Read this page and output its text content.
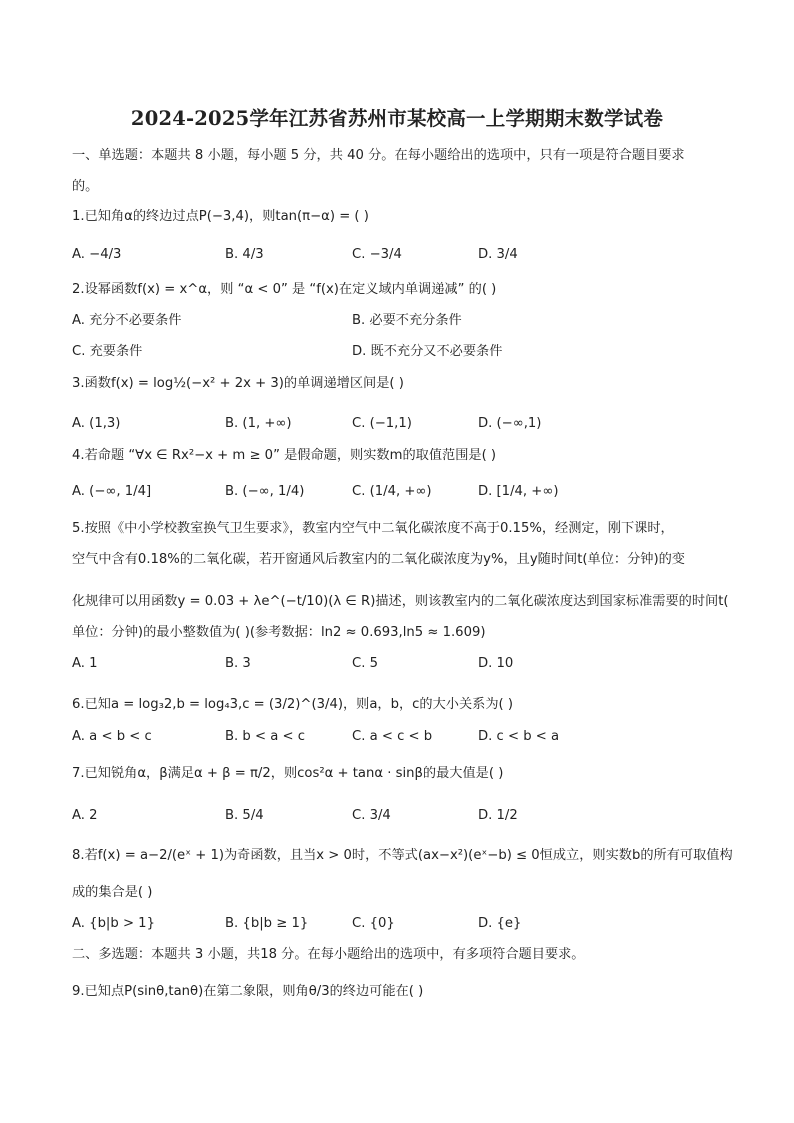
2024-2025学年江苏省苏州市某校高一上学期期末数学试卷
一、单选题：本题共 8 小题，每小题 5 分，共 40 分。在每小题给出的选项中，只有一项是符合题目要求
的。
1.已知角α的终边过点P(−3,4)，则tan(π−α) = ( )
A. −4/3	B. 4/3	C. −3/4	D. 3/4
2.设幂函数f(x) = x^α，则 “α < 0” 是 “f(x)在定义域内单调递减” 的( )
A. 充分不必要条件	B. 必要不充分条件
C. 充要条件	D. 既不充分又不必要条件
3.函数f(x) = log½(−x² + 2x + 3)的单调递增区间是( )
A. (1,3)	B. (1, +∞)	C. (−1,1)	D. (−∞,1)
4.若命题 “∀x ∈ Rx²−x + m ≥ 0” 是假命题，则实数m的取值范围是( )
A. (−∞, 1/4]	B. (−∞, 1/4)	C. (1/4, +∞)	D. [1/4, +∞)
5.按照《中小学校教室换气卫生要求》，教室内空气中二氧化碳浓度不高于0.15%，经测定，刚下课时，
空气中含有0.18%的二氧化碳，若开窗通风后教室内的二氧化碳浓度为y%，且y随时间t(单位：分钟)的变
化规律可以用函数y = 0.03 + λe^(−t/10)(λ ∈ R)描述，则该教室内的二氧化碳浓度达到国家标准需要的时间t(
单位：分钟)的最小整数值为( )(参考数据：ln2 ≈ 0.693,ln5 ≈ 1.609)
A. 1	B. 3	C. 5	D. 10
6.已知a = log₃2,b = log₄3,c = (3/2)^(3/4)，则a，b，c的大小关系为( )
A. a < b < c	B. b < a < c	C. a < c < b	D. c < b < a
7.已知锐角α，β满足α + β = π/2，则cos²α + tanα · sinβ的最大值是( )
A. 2	B. 5/4	C. 3/4	D. 1/2
8.若f(x) = a−2/(eˣ + 1)为奇函数，且当x > 0时，不等式(ax−x²)(eˣ−b) ≤ 0恒成立，则实数b的所有可取值构
成的集合是( )
A. {b|b > 1}	B. {b|b ≥ 1}	C. {0}	D. {e}
二、多选题：本题共 3 小题，共18 分。在每小题给出的选项中，有多项符合题目要求。
9.已知点P(sinθ,tanθ)在第二象限，则角θ/3的终边可能在( )
